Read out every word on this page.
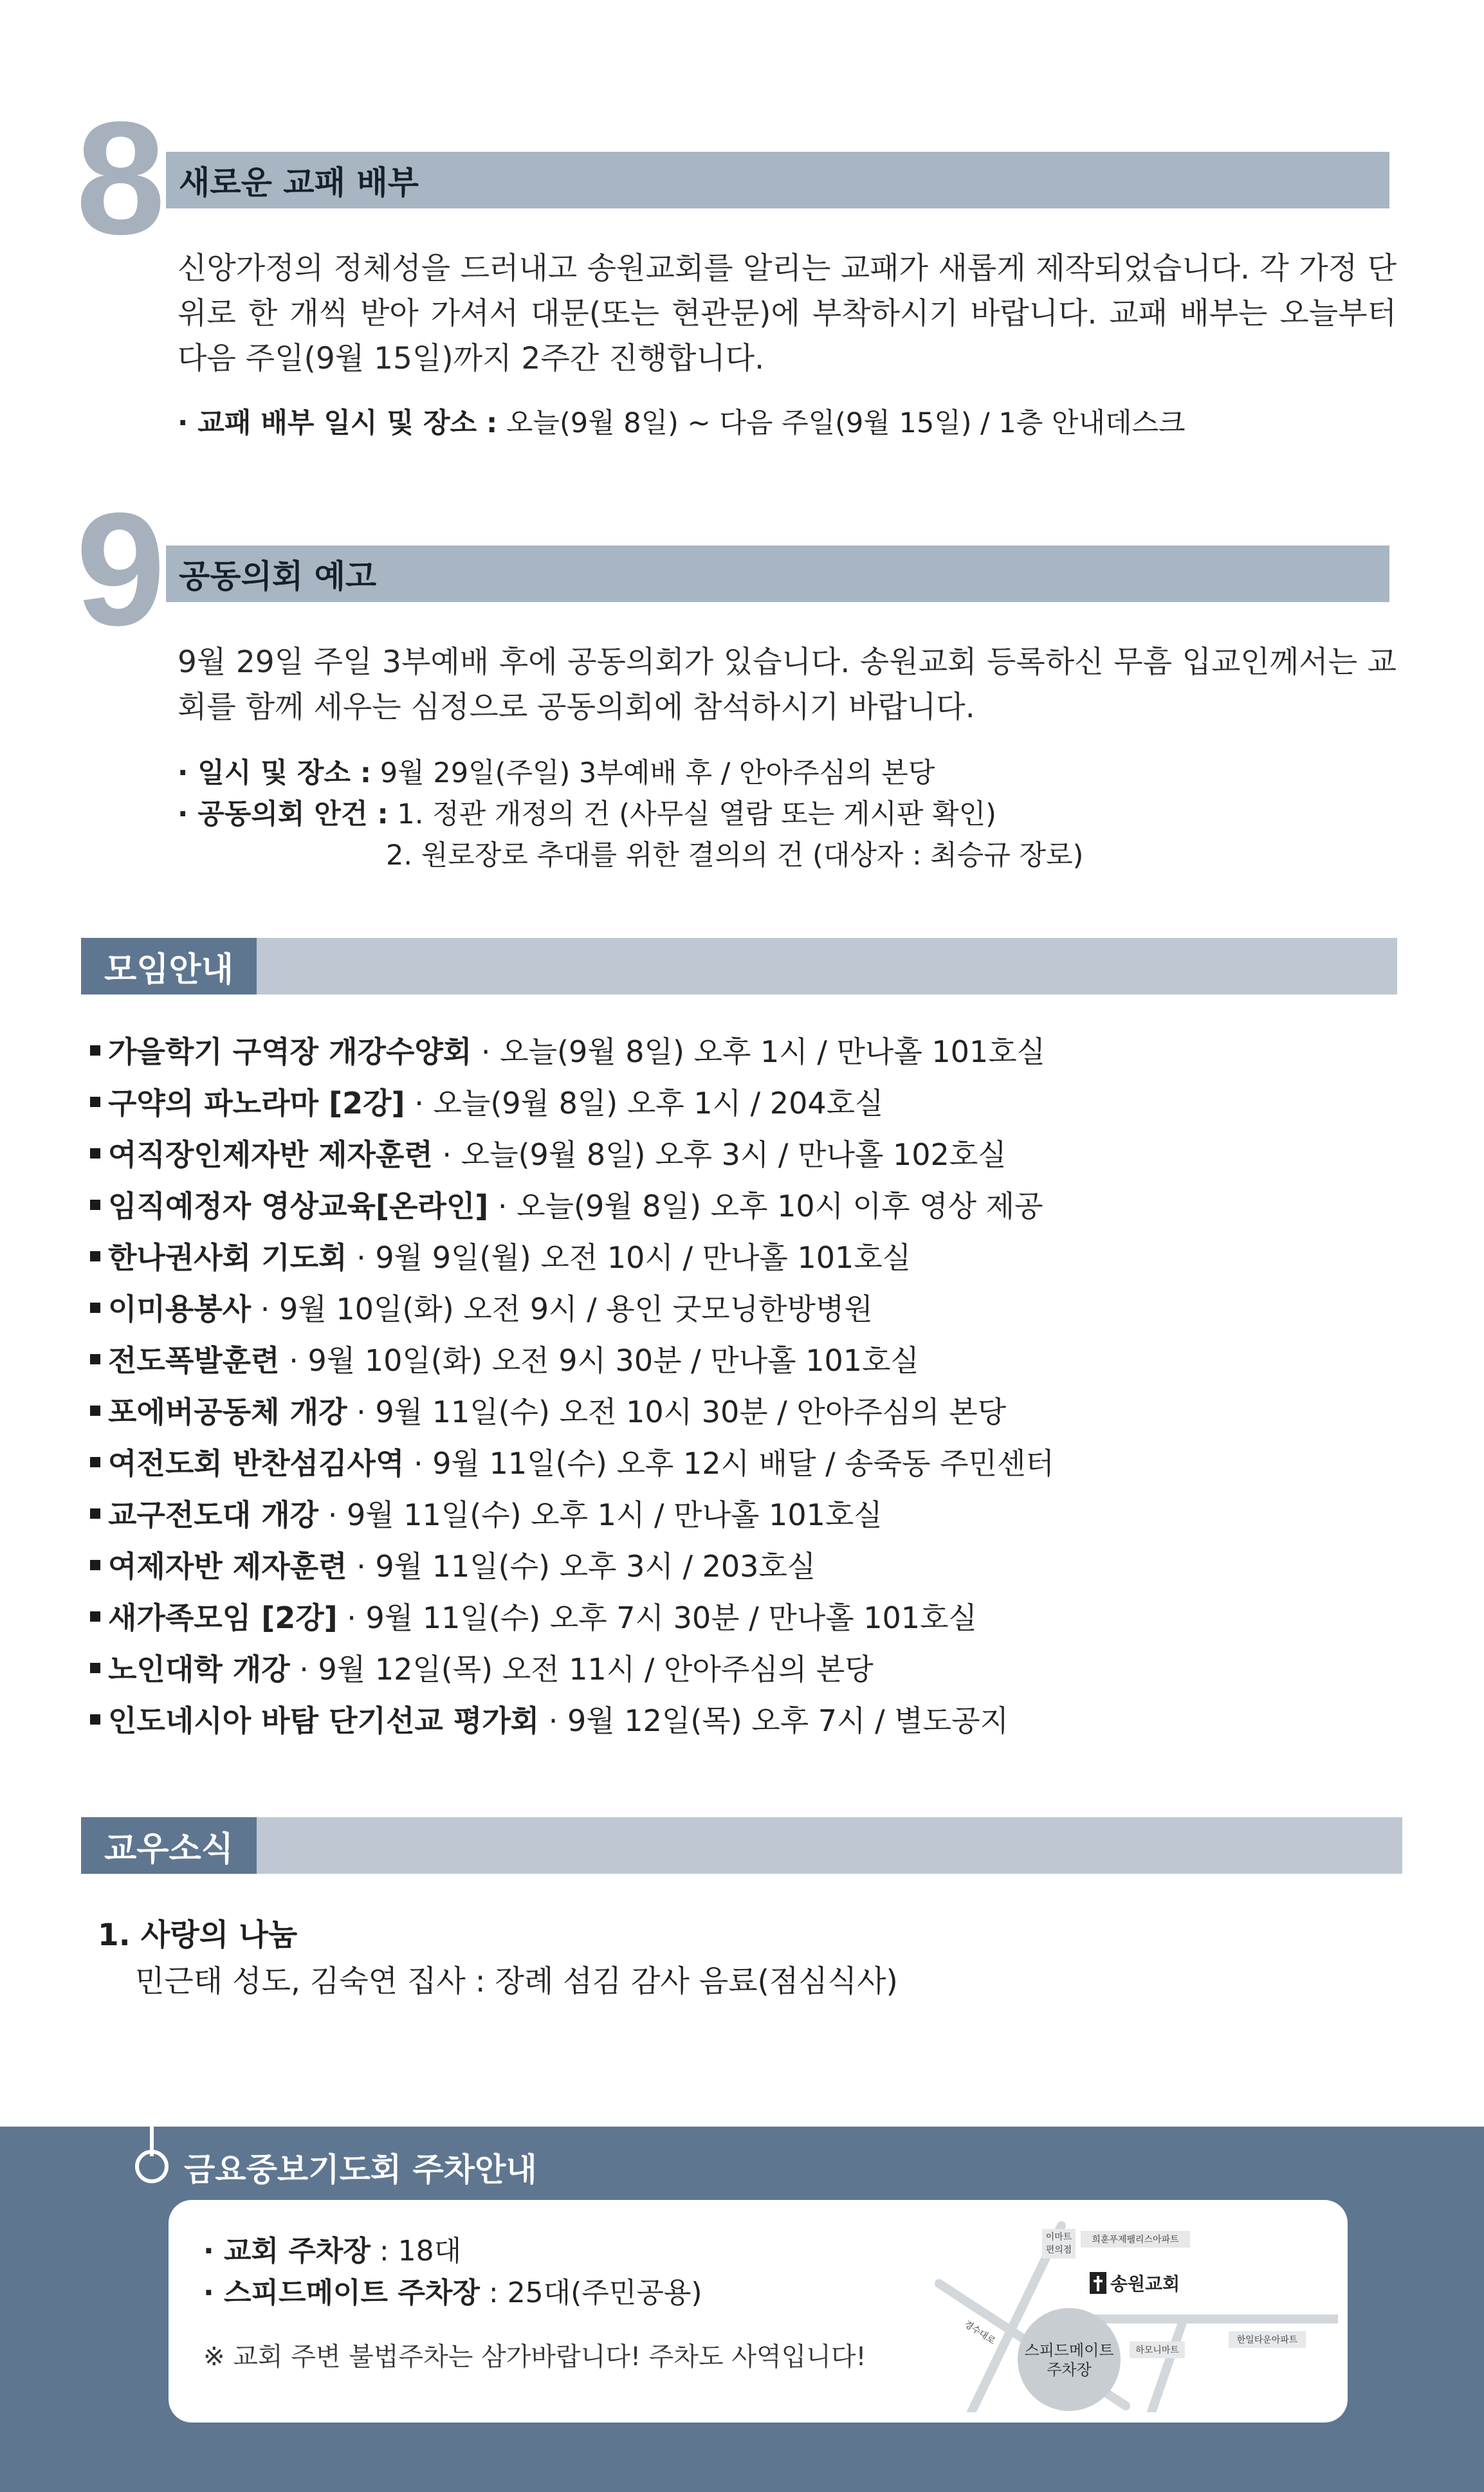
8 새로운 교패 배부

신앙가정의 정체성을 드러내고 송원교회를 알리는 교패가 새롭게 제작되었습니다. 각 가정 단위로 한 개씩 받아 가셔서 대문(또는 현관문)에 부착하시기 바랍니다. 교패 배부는 오늘부터 다음 주일(9월 15일)까지 2주간 진행합니다.

· 교패 배부 일시 및 장소 : 오늘(9월 8일) ~ 다음 주일(9월 15일) / 1층 안내데스크
9 공동의회 예고

9월 29일 주일 3부예배 후에 공동의회가 있습니다. 송원교회 등록하신 무흠 입교인께서는 교회를 함께 세우는 심정으로 공동의회에 참석하시기 바랍니다.

· 일시 및 장소 : 9월 29일(주일) 3부예배 후 / 안아주심의 본당
· 공동의회 안건 : 1. 정관 개정의 건 (사무실 열람 또는 게시판 확인)
2. 원로장로 추대를 위한 결의의 건 (대상자 : 최승규 장로)
모임안내
가을학기 구역장 개강수양회 · 오늘(9월 8일) 오후 1시 / 만나홀 101호실
구약의 파노라마 [2강] · 오늘(9월 8일) 오후 1시 / 204호실
여직장인제자반 제자훈련 · 오늘(9월 8일) 오후 3시 / 만나홀 102호실
임직예정자 영상교육[온라인] · 오늘(9월 8일) 오후 10시 이후 영상 제공
한나권사회 기도회 · 9월 9일(월) 오전 10시 / 만나홀 101호실
이미용봉사 · 9월 10일(화) 오전 9시 / 용인 굿모닝한방병원
전도폭발훈련 · 9월 10일(화) 오전 9시 30분 / 만나홀 101호실
포에버공동체 개강 · 9월 11일(수) 오전 10시 30분 / 안아주심의 본당
여전도회 반찬섬김사역 · 9월 11일(수) 오후 12시 배달 / 송죽동 주민센터
교구전도대 개강 · 9월 11일(수) 오후 1시 / 만나홀 101호실
여제자반 제자훈련 · 9월 11일(수) 오후 3시 / 203호실
새가족모임 [2강] · 9월 11일(수) 오후 7시 30분 / 만나홀 101호실
노인대학 개강 · 9월 12일(목) 오전 11시 / 안아주심의 본당
인도네시아 바탐 단기선교 평가회 · 9월 12일(목) 오후 7시 / 별도공지
교우소식
1. 사랑의 나눔
민근태 성도, 김숙연 집사 : 장례 섬김 감사 음료(점심식사)
금요중보기도회 주차안내
· 교회 주차장 : 18대
· 스피드메이트 주차장 : 25대(주민공용)
※ 교회 주변 불법주차는 삼가바랍니다! 주차도 사역입니다!
이마트
편의점
희훈푸제팰리스아파트
송원교회
경수대로
스피드메이트
주차장
하모니마트
한일타운아파트
